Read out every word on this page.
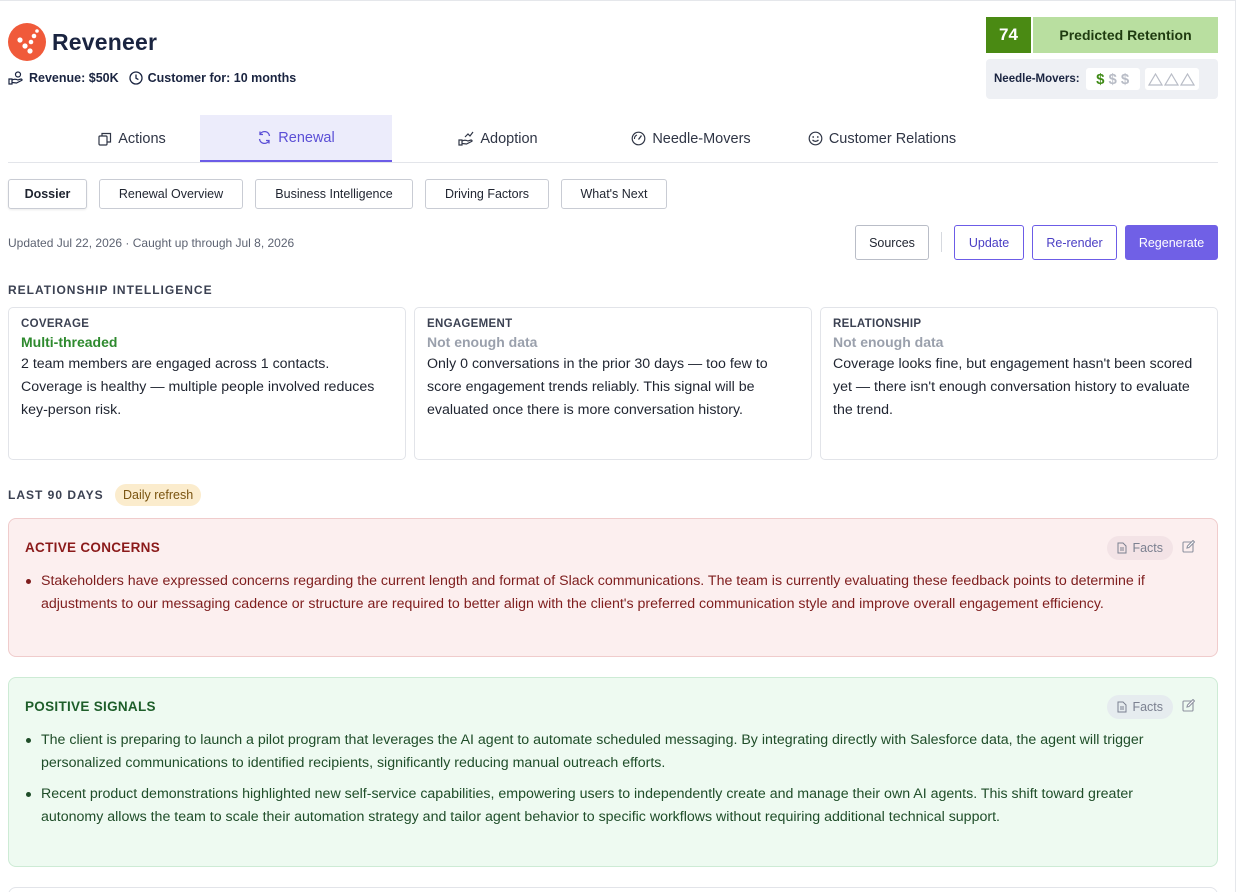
Reveneer
Revenue: $50K Customer for: 10 months
74	Predicted Retention
Needle-Movers: $ $ $
Actions	Renewal	Adoption	Needle-Movers	Customer Relations
Dossier	Renewal Overview	Business Intelligence	Driving Factors	What's Next
Updated Jul 22, 2026 · Caught up through Jul 8, 2026	Sources	Update	Re-render	Regenerate
RELATIONSHIP INTELLIGENCE
COVERAGE
Multi-threaded
2 team members are engaged across 1 contacts. Coverage is healthy — multiple people involved reduces key-person risk.
ENGAGEMENT
Not enough data
Only 0 conversations in the prior 30 days — too few to score engagement trends reliably. This signal will be evaluated once there is more conversation history.
RELATIONSHIP
Not enough data
Coverage looks fine, but engagement hasn't been scored yet — there isn't enough conversation history to evaluate the trend.
LAST 90 DAYS	Daily refresh
ACTIVE CONCERNS	Facts
Stakeholders have expressed concerns regarding the current length and format of Slack communications. The team is currently evaluating these feedback points to determine if adjustments to our messaging cadence or structure are required to better align with the client's preferred communication style and improve overall engagement efficiency.
POSITIVE SIGNALS	Facts
The client is preparing to launch a pilot program that leverages the AI agent to automate scheduled messaging. By integrating directly with Salesforce data, the agent will trigger personalized communications to identified recipients, significantly reducing manual outreach efforts.
Recent product demonstrations highlighted new self-service capabilities, empowering users to independently create and manage their own AI agents. This shift toward greater autonomy allows the team to scale their automation strategy and tailor agent behavior to specific workflows without requiring additional technical support.
